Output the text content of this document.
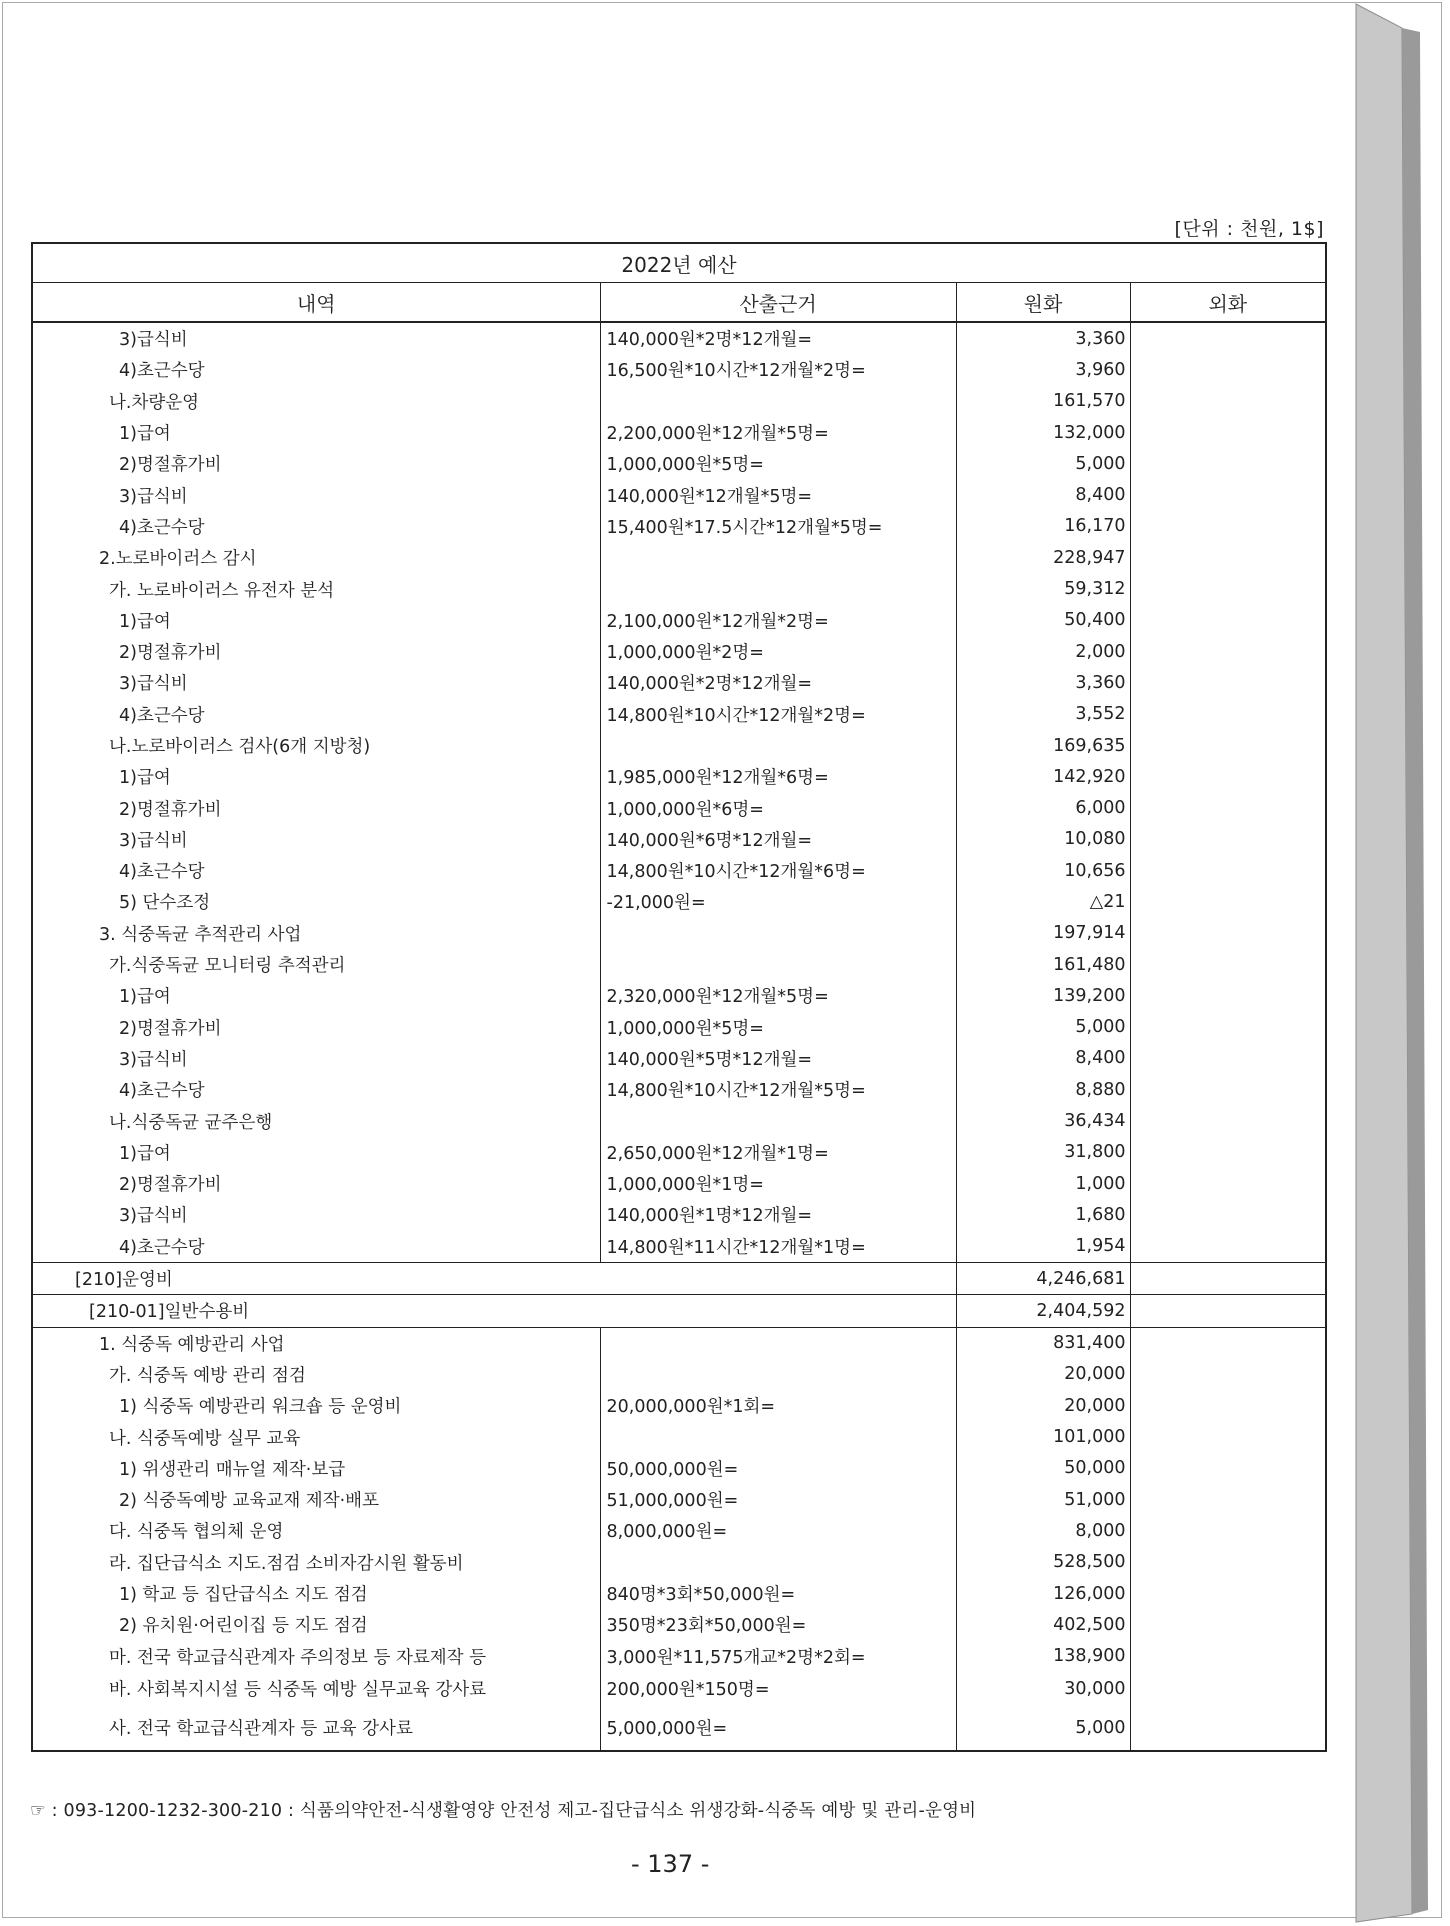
[단위 : 천원, 1$]
2022년 예산			
내역	산출근거	원화	외화
3)급식비	140,000원*2명*12개월=	3,360	
4)초근수당	16,500원*10시간*12개월*2명=	3,960	
나.차량운영		161,570	
1)급여	2,200,000원*12개월*5명=	132,000	
2)명절휴가비	1,000,000원*5명=	5,000	
3)급식비	140,000원*12개월*5명=	8,400	
4)초근수당	15,400원*17.5시간*12개월*5명=	16,170	
2.노로바이러스 감시		228,947	
가. 노로바이러스 유전자 분석		59,312	
1)급여	2,100,000원*12개월*2명=	50,400	
2)명절휴가비	1,000,000원*2명=	2,000	
3)급식비	140,000원*2명*12개월=	3,360	
4)초근수당	14,800원*10시간*12개월*2명=	3,552	
나.노로바이러스 검사(6개 지방청)		169,635	
1)급여	1,985,000원*12개월*6명=	142,920	
2)명절휴가비	1,000,000원*6명=	6,000	
3)급식비	140,000원*6명*12개월=	10,080	
4)초근수당	14,800원*10시간*12개월*6명=	10,656	
5) 단수조정	-21,000원=	△21	
3. 식중독균 추적관리 사업		197,914	
가.식중독균 모니터링 추적관리		161,480	
1)급여	2,320,000원*12개월*5명=	139,200	
2)명절휴가비	1,000,000원*5명=	5,000	
3)급식비	140,000원*5명*12개월=	8,400	
4)초근수당	14,800원*10시간*12개월*5명=	8,880	
나.식중독균 균주은행		36,434	
1)급여	2,650,000원*12개월*1명=	31,800	
2)명절휴가비	1,000,000원*1명=	1,000	
3)급식비	140,000원*1명*12개월=	1,680	
4)초근수당	14,800원*11시간*12개월*1명=	1,954	
[210]운영비		4,246,681	
[210-01]일반수용비		2,404,592	
1. 식중독 예방관리 사업		831,400	
가. 식중독 예방 관리 점검		20,000	
1) 식중독 예방관리 워크숍 등 운영비	20,000,000원*1회=	20,000	
나. 식중독예방 실무 교육		101,000	
1) 위생관리 매뉴얼 제작·보급	50,000,000원=	50,000	
2) 식중독예방 교육교재 제작·배포	51,000,000원=	51,000	
다. 식중독 협의체 운영	8,000,000원=	8,000	
라. 집단급식소 지도.점검 소비자감시원 활동비		528,500	
1) 학교 등 집단급식소 지도 점검	840명*3회*50,000원=	126,000	
2) 유치원·어린이집 등 지도 점검	350명*23회*50,000원=	402,500	
마. 전국 학교급식관계자 주의정보 등 자료제작 등	3,000원*11,575개교*2명*2회=	138,900	
바. 사회복지시설 등 식중독 예방 실무교육 강사료	200,000원*150명=	30,000	
사. 전국 학교급식관계자 등 교육 강사료	5,000,000원=	5,000	
☞ : 093-1200-1232-300-210 : 식품의약안전-식생활영양 안전성 제고-집단급식소 위생강화-식중독 예방 및 관리-운영비
- 137 -
